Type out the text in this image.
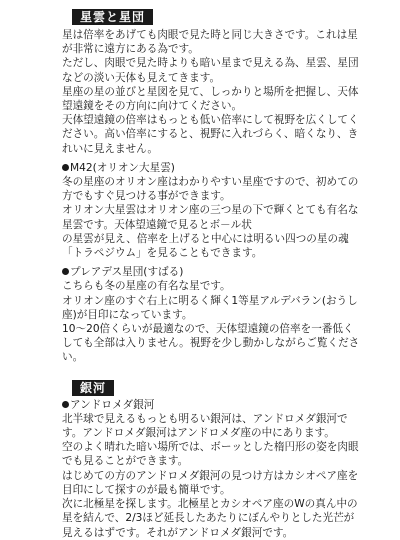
星雲と星団

星は倍率をあげても肉眼で見た時と同じ大きさです。これは星が非常に遠方にある為です。
ただし、肉眼で見た時よりも暗い星まで見える為、星雲、星団などの淡い天体も見えてきます。
星座の星の並びと星図を見て、しっかりと場所を把握し、天体望遠鏡をその方向に向けてください。
天体望遠鏡の倍率はもっとも低い倍率にして視野を広くしてください。高い倍率にすると、視野に入れづらく、暗くなり、きれいに見えません。

M42(オリオン大星雲)

冬の星座のオリオン座はわかりやすい星座ですので、初めての方でもすぐ見つける事ができます。
オリオン大星雲はオリオン座の三つ星の下で輝くとても有名な星雲です。天体望遠鏡で見るとボ－ル状
の星雲が見え、倍率を上げると中心には明るい四つの星の魂「トラペジウム」を見ることもできます。

プレアデス星団(すばる)

こちらも冬の星座の有名な星です。
オリオン座のすぐ右上に明るく輝く1等星アルデバラン(おうし座)が目印になっています。
10～20倍くらいが最適なので、天体望遠鏡の倍率を一番低くしても全部は入りません。視野を少し動かしながらご覧ください。

銀河

アンドロメダ銀河

北半球で見えるもっとも明るい銀河は、アンドロメダ銀河です。アンドロメダ銀河はアンドロメダ座の中にあります。
空のよく晴れた暗い場所では、ボーッとした楕円形の姿を肉眼でも見ることができます。
はじめての方のアンドロメダ銀河の見つけ方はカシオペア座を目印にして探すのが最も簡単です。
次に北極星を探します。北極星とカシオペア座のWの真ん中の星を結んで、2/3ほど延長したあたりにぼんやりとした光芒が見えるはずです。それがアンドロメダ銀河です。
